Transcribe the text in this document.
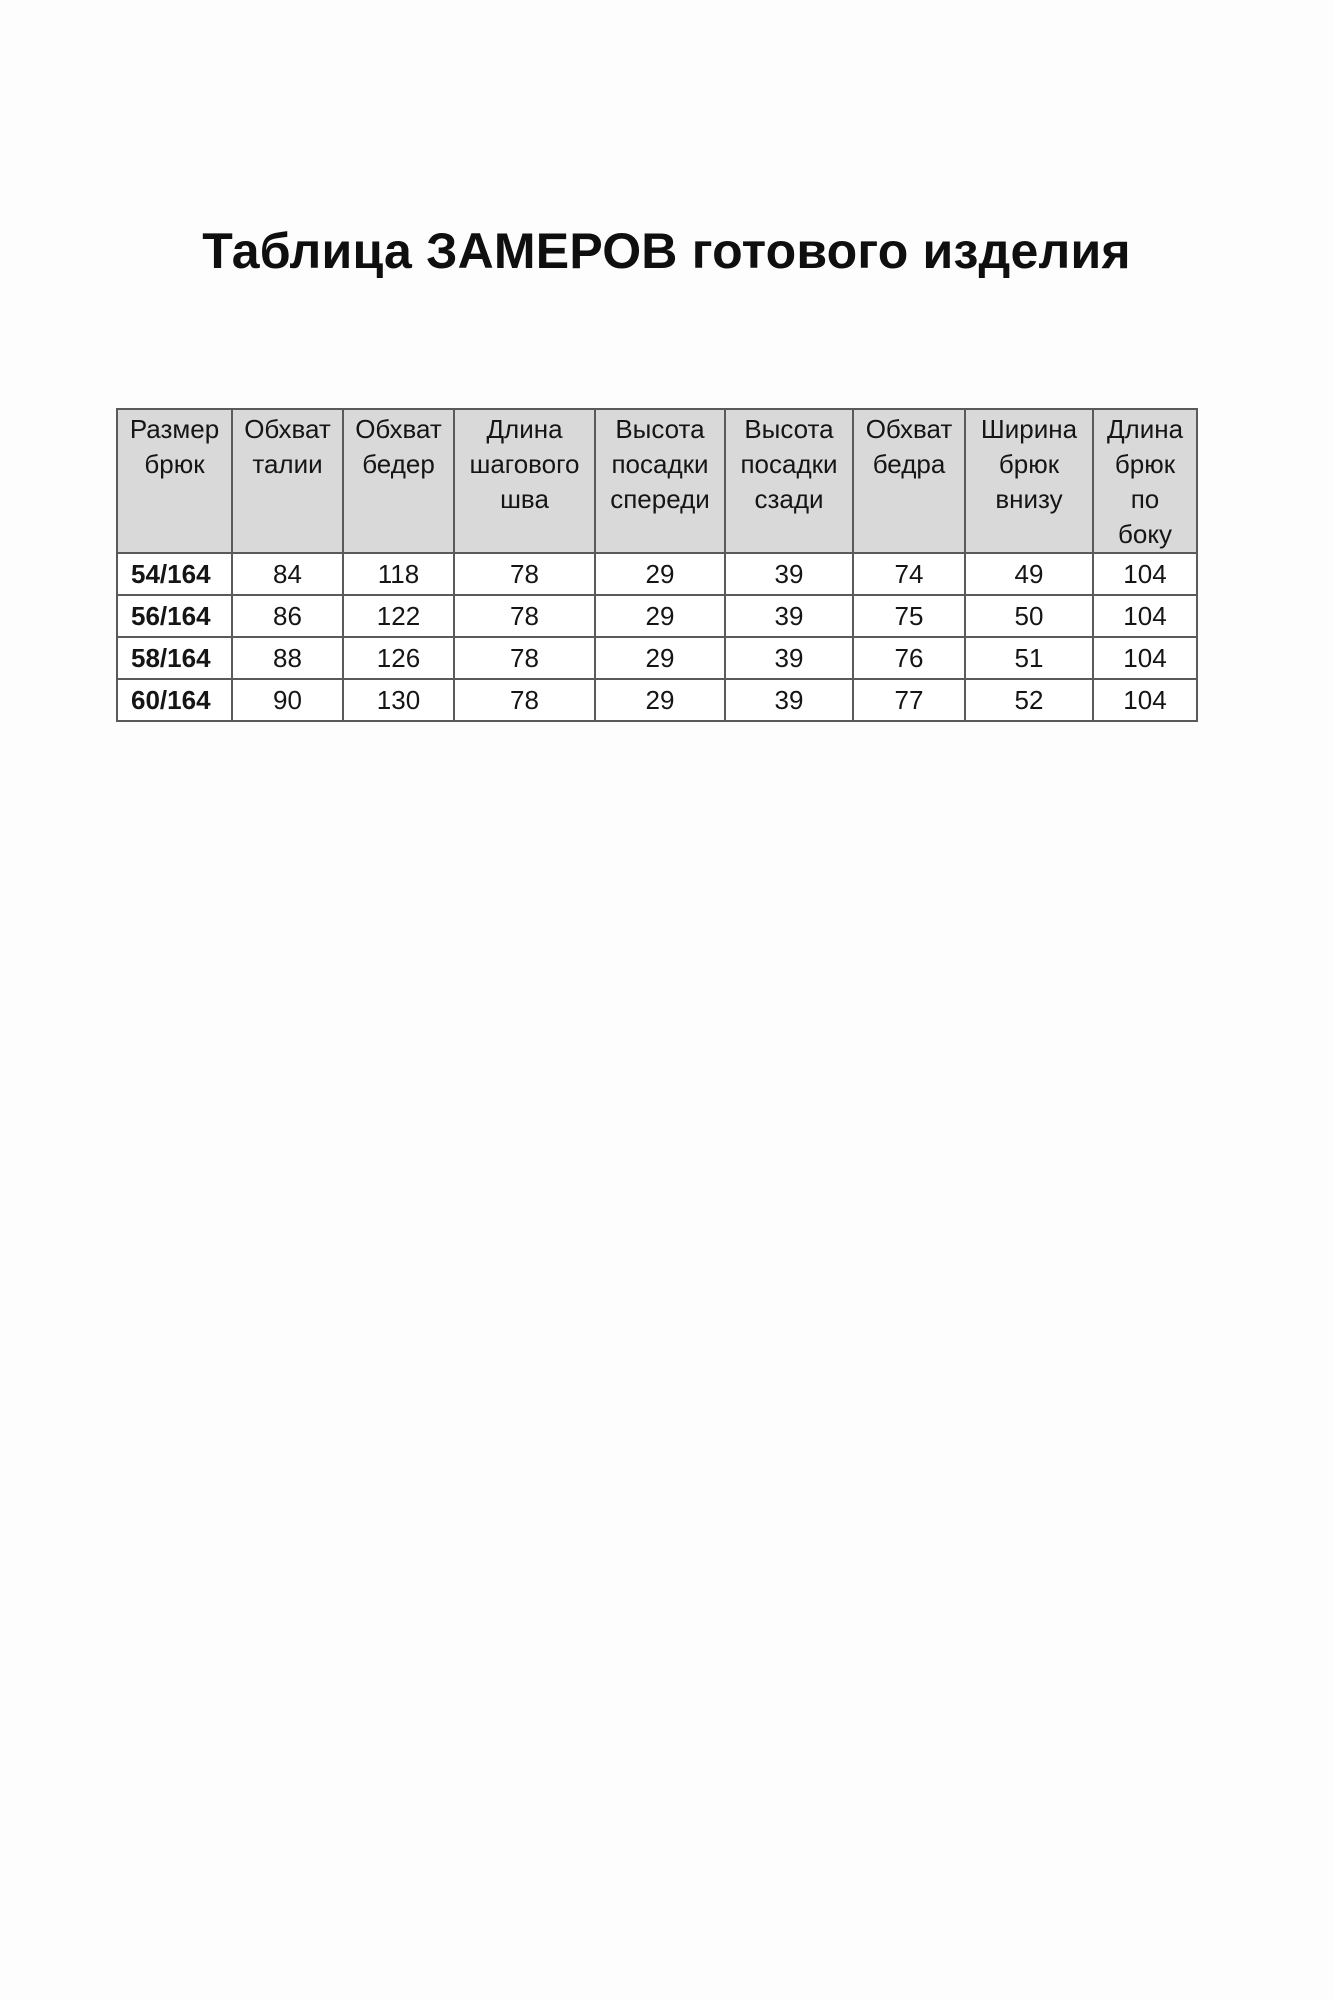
Таблица ЗАМЕРОВ готового изделия
Размер
брюк	Обхват
талии	Обхват
бедер	Длина
шагового
шва	Высота
посадки
спереди	Высота
посадки
сзади	Обхват
бедра	Ширина
брюк
внизу	Длина
брюк
по
боку

54/164	84	118	78	29	39	74	49	104
56/164	86	122	78	29	39	75	50	104
58/164	88	126	78	29	39	76	51	104
60/164	90	130	78	29	39	77	52	104
